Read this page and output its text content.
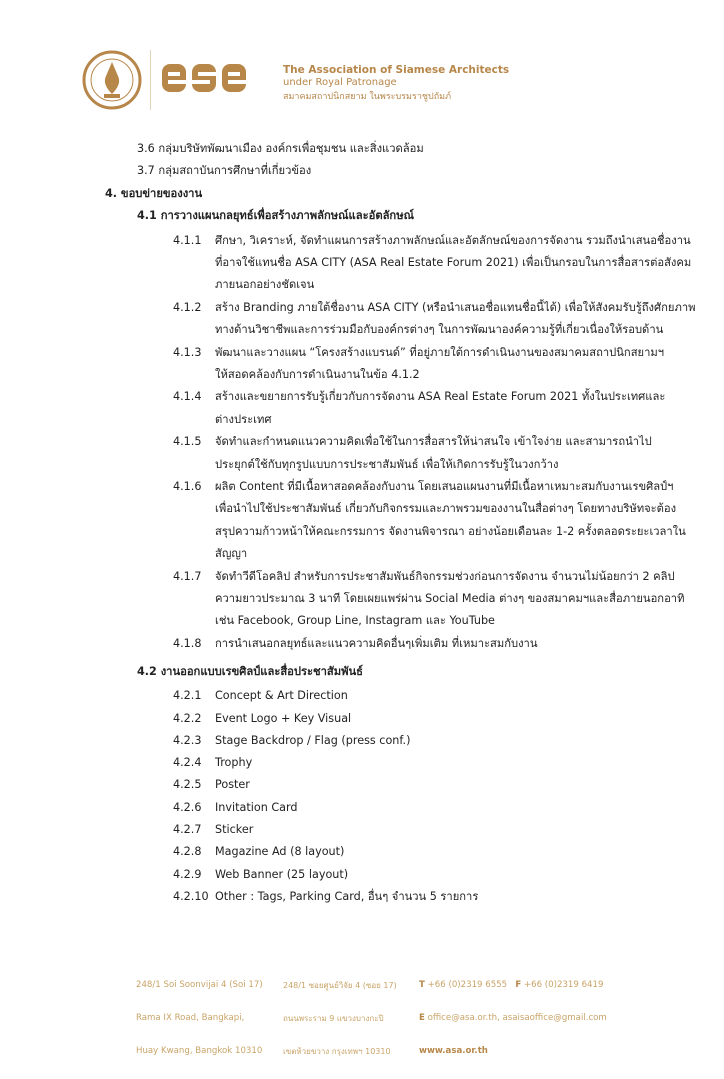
The Association of Siamese Architects
under Royal Patronage
สมาคมสถาปนิกสยาม ในพระบรมราชูปถัมภ์
3.6 กลุ่มบริษัทพัฒนาเมือง องค์กรเพื่อชุมชน และสิ่งแวดล้อม
3.7 กลุ่มสถาบันการศึกษาที่เกี่ยวข้อง
4. ขอบข่ายของงาน
4.1 การวางแผนกลยุทธ์เพื่อสร้างภาพลักษณ์และอัตลักษณ์
4.1.1 ศึกษา, วิเคราะห์, จัดทำแผนการสร้างภาพลักษณ์และอัตลักษณ์ของการจัดงาน รวมถึงนำเสนอชื่องาน
ที่อาจใช้แทนชื่อ ASA CITY (ASA Real Estate Forum 2021) เพื่อเป็นกรอบในการสื่อสารต่อสังคม
ภายนอกอย่างชัดเจน
4.1.2 สร้าง Branding ภายใต้ชื่องาน ASA CITY (หรือนำเสนอชื่อแทนชื่อนี้ได้) เพื่อให้สังคมรับรู้ถึงศักยภาพ
ทางด้านวิชาชีพและการร่วมมือกับองค์กรต่างๆ ในการพัฒนาองค์ความรู้ที่เกี่ยวเนื่องให้รอบด้าน
4.1.3 พัฒนาและวางแผน “โครงสร้างแบรนด์” ที่อยู่ภายใต้การดำเนินงานของสมาคมสถาปนิกสยามฯ
ให้สอดคล้องกับการดำเนินงานในข้อ 4.1.2
4.1.4 สร้างและขยายการรับรู้เกี่ยวกับการจัดงาน ASA Real Estate Forum 2021 ทั้งในประเทศและ
ต่างประเทศ
4.1.5 จัดทำและกำหนดแนวความคิดเพื่อใช้ในการสื่อสารให้น่าสนใจ เข้าใจง่าย และสามารถนำไป
ประยุกต์ใช้กับทุกรูปแบบการประชาสัมพันธ์ เพื่อให้เกิดการรับรู้ในวงกว้าง
4.1.6 ผลิต Content ที่มีเนื้อหาสอดคล้องกับงาน โดยเสนอแผนงานที่มีเนื้อหาเหมาะสมกับงานเรขศิลป์ฯ
เพื่อนำไปใช้ประชาสัมพันธ์ เกี่ยวกับกิจกรรมและภาพรวมของงานในสื่อต่างๆ โดยทางบริษัทจะต้อง
สรุปความก้าวหน้าให้คณะกรรมการ จัดงานพิจารณา อย่างน้อยเดือนละ 1-2 ครั้งตลอดระยะเวลาใน
สัญญา
4.1.7 จัดทำวีดีโอคลิป สำหรับการประชาสัมพันธ์กิจกรรมช่วงก่อนการจัดงาน จำนวนไม่น้อยกว่า 2 คลิป
ความยาวประมาณ 3 นาที โดยเผยแพร่ผ่าน Social Media ต่างๆ ของสมาคมฯและสื่อภายนอกอาทิ
เช่น Facebook, Group Line, Instagram และ YouTube
4.1.8 การนำเสนอกลยุทธ์และแนวความคิดอื่นๆเพิ่มเติม ที่เหมาะสมกับงาน
4.2 งานออกแบบเรขศิลป์และสื่อประชาสัมพันธ์
4.2.1 Concept & Art Direction
4.2.2 Event Logo + Key Visual
4.2.3 Stage Backdrop / Flag (press conf.)
4.2.4 Trophy
4.2.5 Poster
4.2.6 Invitation Card
4.2.7 Sticker
4.2.8 Magazine Ad (8 layout)
4.2.9 Web Banner (25 layout)
4.2.10 Other : Tags, Parking Card, อื่นๆ จำนวน 5 รายการ

248/1 Soi Soonvijai 4 (Soi 17)

Rama IX Road, Bangkapi,

Huay Kwang, Bangkok 10310

248/1 ซอยศูนย์วิจัย 4 (ซอย 17)

ถนนพระราม 9 แขวงบางกะปิ

เขตห้วยขวาง กรุงเทพฯ 10310

T +66 (0)2319 6555 F +66 (0)2319 6419

E office@asa.or.th, asaisaoffice@gmail.com

www.asa.or.th
